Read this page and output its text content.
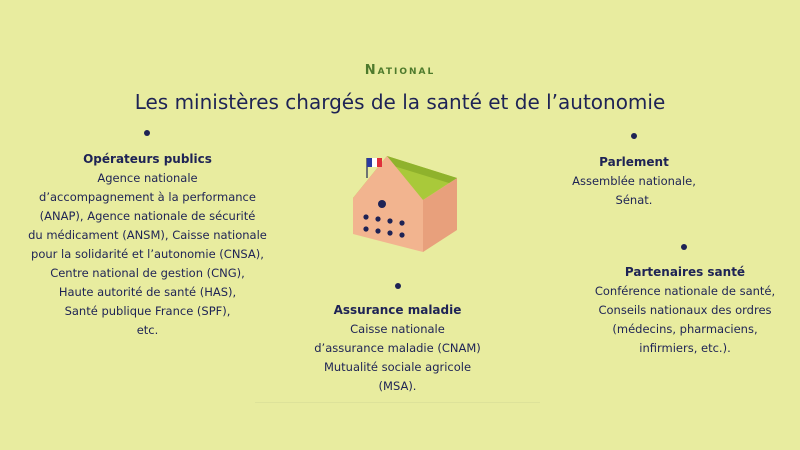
National
Les ministères chargés de la santé et de l’autonomie
Opérateurs publics
Agence nationale
d’accompagnement à la performance
(ANAP), Agence nationale de sécurité
du médicament (ANSM), Caisse nationale
pour la solidarité et l’autonomie (CNSA),
Centre national de gestion (CNG),
Haute autorité de santé (HAS),
Santé publique France (SPF),
etc.
Parlement
Assemblée nationale,
Sénat.
Partenaires santé
Conférence nationale de santé,
Conseils nationaux des ordres
(médecins, pharmaciens,
infirmiers, etc.).
Assurance maladie
Caisse nationale
d’assurance maladie (CNAM)
Mutualité sociale agricole
(MSA).
